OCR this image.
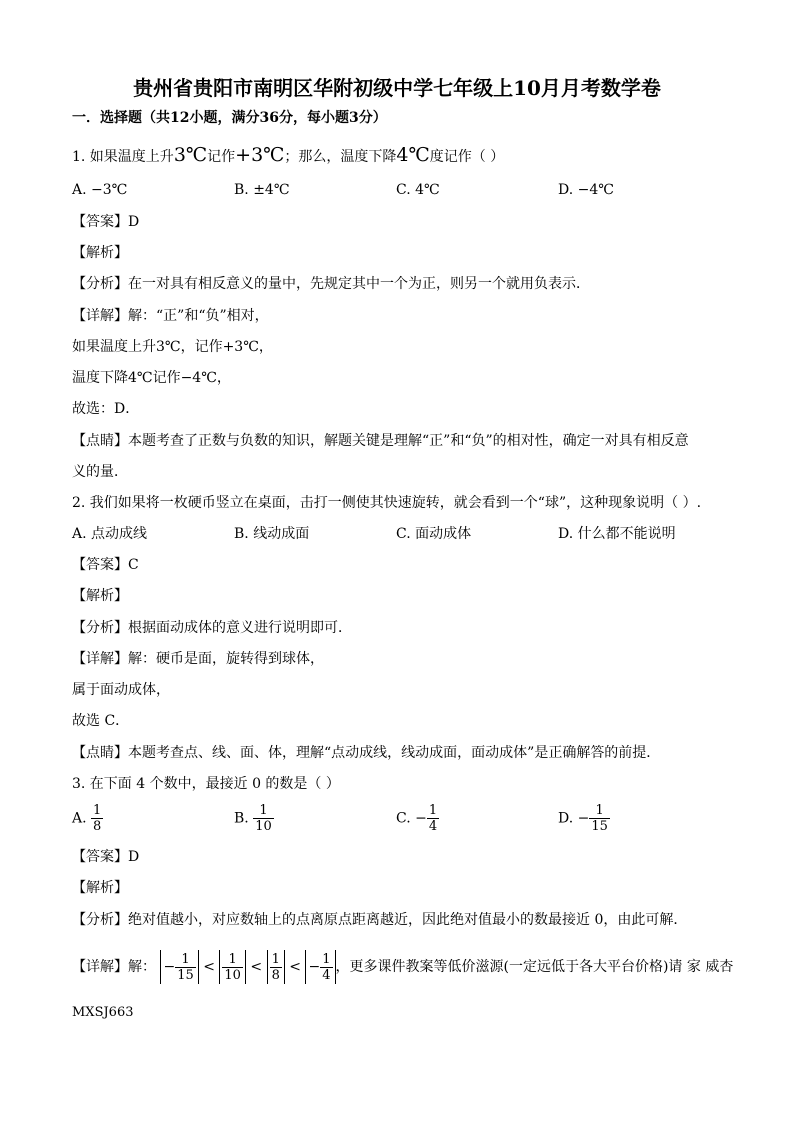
贵州省贵阳市南明区华附初级中学七年级上10月月考数学卷
一．选择题（共12小题，满分36分，每小题3分）
1. 如果温度上升3℃记作+3℃；那么，温度下降4℃度记作（ ）
A. −3℃	B. ±4℃	C. 4℃	D. −4℃
【答案】D
【解析】
【分析】在一对具有相反意义的量中，先规定其中一个为正，则另一个就用负表示．
【详解】解：“正”和“负”相对，
如果温度上升3℃，记作+3℃，
温度下降4℃记作−4℃，
故选：D．
【点睛】本题考查了正数与负数的知识，解题关键是理解“正”和“负”的相对性，确定一对具有相反意
义的量．
2. 我们如果将一枚硬币竖立在桌面，击打一侧使其快速旋转，就会看到一个“球”，这种现象说明（ ）.
A. 点动成线	B. 线动成面	C. 面动成体	D. 什么都不能说明
【答案】C
【解析】
【分析】根据面动成体的意义进行说明即可．
【详解】解：硬币是面，旋转得到球体，
属于面动成体，
故选 C．
【点睛】本题考查点、线、面、体，理解“点动成线，线动成面，面动成体”是正确解答的前提．
3. 在下面 4 个数中，最接近 0 的数是（ ）
A. $\frac{1}{8}$	B. $\frac{1}{10}$	C. − $\frac{1}{4}$	D. − $\frac{1}{15}$
【答案】D
【解析】
【分析】绝对值越小，对应数轴上的点离原点距离越近，因此绝对值最小的数最接近 0，由此可解．
【详解】解： − $\frac{1}{15} < \frac{1}{10} < \frac{1}{8}$ < − $\frac{1}{4}$ ，更多课件教案等低价滋源(一定远低于各大平台价格)请 家 威杏
MXSJ663
